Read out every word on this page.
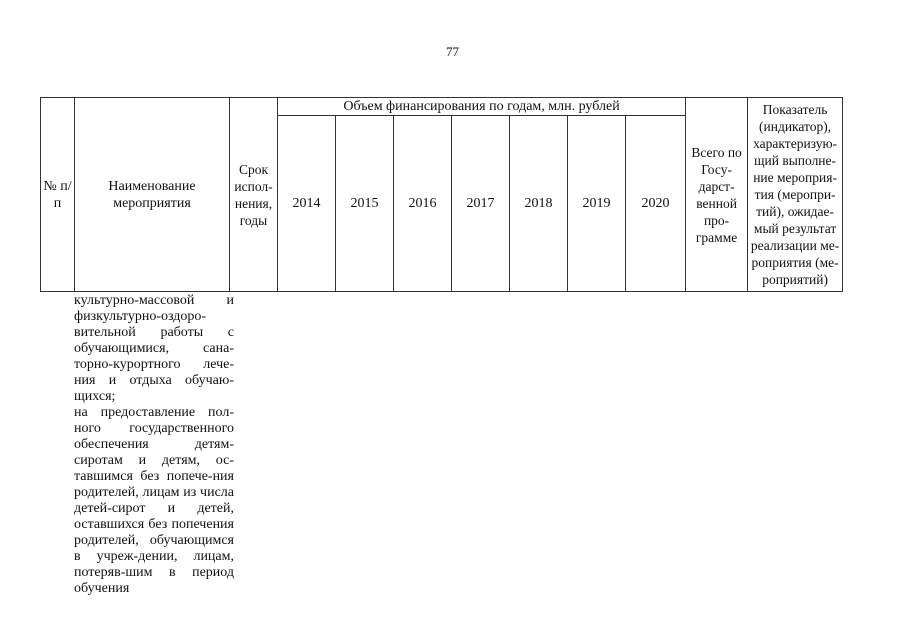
77
№ п/п	Наименование мероприятия	Срок испол-нения, годы	Объем финансирования по годам, млн. рублей							Всего по Госу-дарст-венной про-грамме	Показатель (индикатор), характеризую-щий выполне-ние мероприя-тия (меропри-тий), ожидае-мый результат реализации ме-роприятия (ме-роприятий)
			2014	2015	2016	2017	2018	2019	2020		

культурно-массовой и физкультурно-оздоро-вительной работы с обучающимися, сана-торно-курортного лече-ния и отдыха обучаю-щихся;

на предоставление пол-ного государственного обеспечения детям-сиротам и детям, ос-тавшимся без попече-ния родителей, лицам из числа детей-сирот и детей, оставшихся без попечения родителей, обучающимся в учреж-дении, лицам, потеряв-шим в период обучения
